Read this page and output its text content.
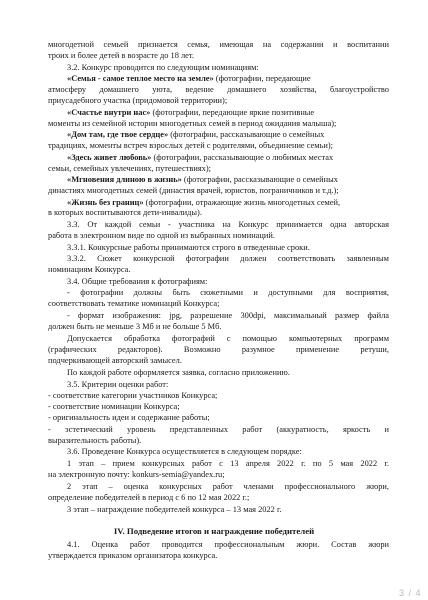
многодетной семьей признается семья, имеющая на содержании и воспитании
троих и более детей в возрасте до 18 лет.
3.2. Конкурс проводится по следующим номинациям:
«Семья - самое теплое место на земле» (фотографии, передающие
атмосферу домашнего уюта, ведение домашнего хозяйства, благоустройство
приусадебного участка (придомовой территории);
«Счастье внутри нас» (фотографии, передающие яркие позитивные
моменты из семейной истории многодетных семей в период ожидания малыша);
«Дом там, где твое сердце» (фотографии, рассказывающие о семейных
традициях, моменты встреч взрослых детей с родителями, объединение семьи);
«Здесь живет любовь» (фотографии, рассказывающие о любимых местах
семьи, семейных увлечениях, путешествиях);
«Мгновения длиною в жизнь» (фотографии, рассказывающие о семейных
династиях многодетных семей (династия врачей, юристов, пограничников и т.д.);
«Жизнь без границ» (фотографии, отражающие жизнь многодетных семей,
в которых воспитываются дети-инвалиды).
3.3. От каждой семьи - участника на Конкурс принимается одна авторская
работа в электронном виде по одной из выбранных номинаций.
3.3.1. Конкурсные работы принимаются строго в отведенные сроки.
3.3.2. Сюжет конкурсной фотографии должен соответствовать заявленным
номинациям Конкурса.
3.4. Общие требования к фотографиям:
- фотографии должны быть сюжетными и доступными для восприятия,
соответствовать тематике номинаций Конкурса;
- формат изображения: jpg, разрешение 300dpi, максимальный размер файла
должен быть не меньше 3 Мб и не больше 5 Мб.
Допускается обработка фотографий с помощью компьютерных программ
(графических     редакторов).     Возможно     разумное     применение     ретуши,
подчеркивающей авторский замысел.
По каждой работе оформляется заявка, согласно приложению.
3.5. Критерии оценки работ:
- соответствие категории участников Конкурса;
- соответствие номинации Конкурса;
- оригинальность идеи и содержание работы;
- эстетический уровень представленных работ (аккуратность, яркость и
выразительность работы).
3.6. Проведение Конкурса осуществляется в следующем порядке:
1 этап – прием конкурсных работ с 13 апреля 2022 г. по 5 мая 2022 г.
на электронную почту: konkurs-semia@yandex.ru;
2 этап – оценка конкурсных работ членами профессионального жюри,
определение победителей в период с 6 по 12 мая 2022 г.;
3 этап – награждение победителей конкурса – 13 мая 2022 г.
IV. Подведение итогов и награждение победителей
4.1. Оценка работ проводится профессиональным жюри. Состав жюри
утверждается приказом организатора конкурса.
3 / 4
